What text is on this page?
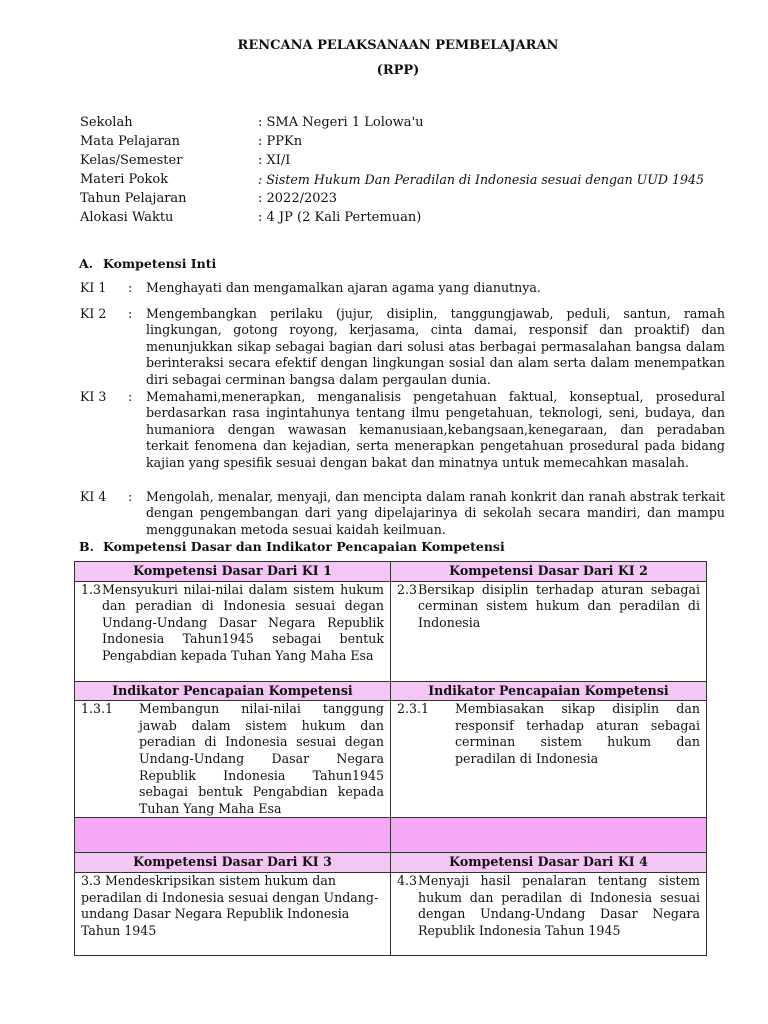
RENCANA PELAKSANAAN PEMBELAJARAN
(RPP)
Sekolah	: SMA Negeri 1 Lolowa'u
Mata Pelajaran	: PPKn
Kelas/Semester	: XI/I
Materi Pokok	: Sistem Hukum Dan Peradilan di Indonesia sesuai dengan UUD 1945
Tahun Pelajaran	: 2022/2023
Alokasi Waktu	: 4 JP (2 Kali Pertemuan)
A. Kompetensi Inti
KI 1 : Menghayati dan mengamalkan ajaran agama yang dianutnya.
KI 2 : Mengembangkan perilaku (jujur, disiplin, tanggungjawab, peduli, santun, ramah lingkungan, gotong royong, kerjasama, cinta damai, responsif dan proaktif) dan menunjukkan sikap sebagai bagian dari solusi atas berbagai permasalahan bangsa dalam berinteraksi secara efektif dengan lingkungan sosial dan alam serta dalam menempatkan diri sebagai cerminan bangsa dalam pergaulan dunia.
KI 3 : Memahami,menerapkan, menganalisis pengetahuan faktual, konseptual, prosedural berdasarkan rasa ingintahunya tentang ilmu pengetahuan, teknologi, seni, budaya, dan humaniora dengan wawasan kemanusiaan,kebangsaan,kenegaraan, dan peradaban terkait fenomena dan kejadian, serta menerapkan pengetahuan prosedural pada bidang kajian yang spesifik sesuai dengan bakat dan minatnya untuk memecahkan masalah.
KI 4 : Mengolah, menalar, menyaji, dan mencipta dalam ranah konkrit dan ranah abstrak terkait dengan pengembangan dari yang dipelajarinya di sekolah secara mandiri, dan mampu menggunakan metoda sesuai kaidah keilmuan.
B. Kompetensi Dasar dan Indikator Pencapaian Kompetensi
Kompetensi Dasar Dari KI 1	Kompetensi Dasar Dari KI 2

1.3 Mensyukuri nilai-nilai dalam sistem hukum dan peradian di Indonesia sesuai degan Undang-Undang Dasar Negara Republik Indonesia Tahun1945 sebagai bentuk Pengabdian kepada Tuhan Yang Maha Esa	2.3 Bersikap disiplin terhadap aturan sebagai cerminan sistem hukum dan peradilan di Indonesia

Indikator Pencapaian Kompetensi	Indikator Pencapaian Kompetensi

1.3.1 Membangun nilai-nilai tanggung jawab dalam sistem hukum dan peradian di Indonesia sesuai degan Undang-Undang Dasar Negara Republik Indonesia Tahun1945 sebagai bentuk Pengabdian kepada Tuhan Yang Maha Esa	2.3.1 Membiasakan sikap disiplin dan responsif terhadap aturan sebagai cerminan sistem hukum dan peradilan di Indonesia

Kompetensi Dasar Dari KI 3	Kompetensi Dasar Dari KI 4

3.3 Mendeskripsikan sistem hukum dan peradilan di Indonesia sesuai dengan Undang-undang Dasar Negara Republik Indonesia Tahun 1945	4.3 Menyaji hasil penalaran tentang sistem hukum dan peradilan di Indonesia sesuai dengan Undang-Undang Dasar Negara Republik Indonesia Tahun 1945
